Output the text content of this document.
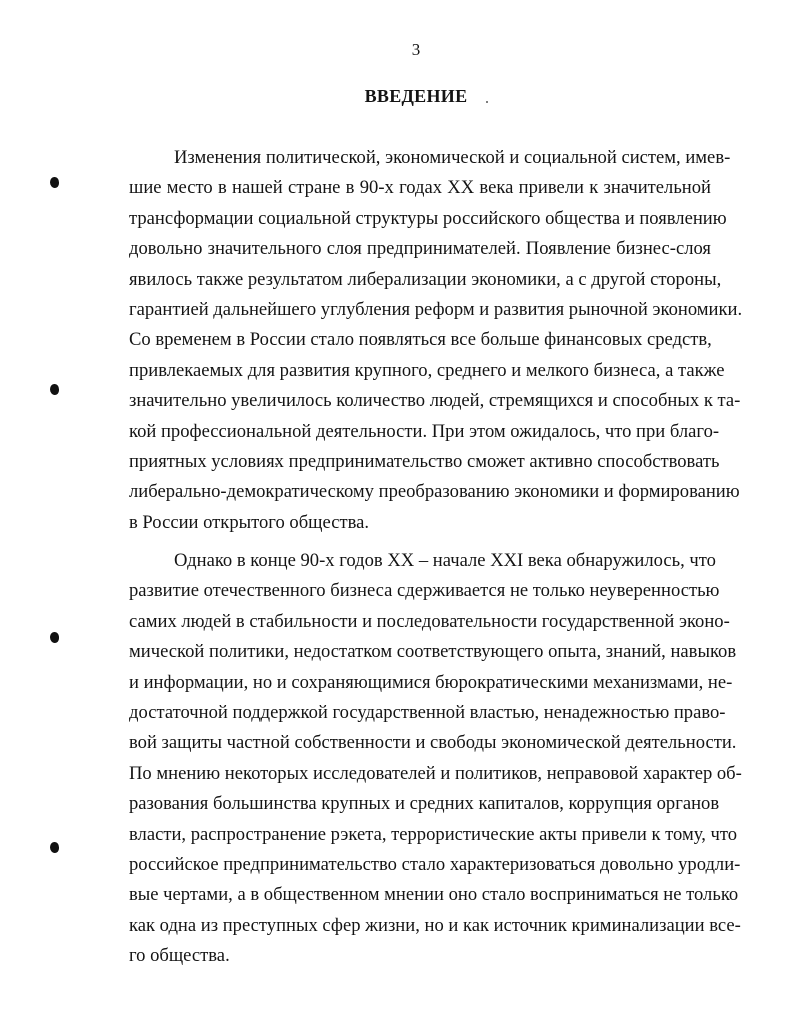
3
ВВЕДЕНИЕ
Изменения политической, экономической и социальной систем, имев-
шие место в нашей стране в 90-х годах XX века привели к значительной
трансформации социальной структуры российского общества и появлению
довольно значительного слоя предпринимателей. Появление бизнес-слоя
явилось также результатом либерализации экономики, а с другой стороны,
гарантией дальнейшего углубления реформ и развития рыночной экономики.
Со временем в России стало появляться все больше финансовых средств,
привлекаемых для развития крупного, среднего и мелкого бизнеса, а также
значительно увеличилось количество людей, стремящихся и способных к та-
кой профессиональной деятельности. При этом ожидалось, что при благо-
приятных условиях предпринимательство сможет активно способствовать
либерально-демократическому преобразованию экономики и формированию
в России открытого общества.
Однако в конце 90-х годов XX – начале XXI века обнаружилось, что
развитие отечественного бизнеса сдерживается не только неуверенностью
самих людей в стабильности и последовательности государственной эконо-
мической политики, недостатком соответствующего опыта, знаний, навыков
и информации, но и сохраняющимися бюрократическими механизмами, не-
достаточной поддержкой государственной властью, ненадежностью право-
вой защиты частной собственности и свободы экономической деятельности.
По мнению некоторых исследователей и политиков, неправовой характер об-
разования большинства крупных и средних капиталов, коррупция органов
власти, распространение рэкета, террористические акты привели к тому, что
российское предпринимательство стало характеризоваться довольно уродли-
вые чертами, а в общественном мнении оно стало восприниматься не только
как одна из преступных сфер жизни, но и как источник криминализации все-
го общества.
